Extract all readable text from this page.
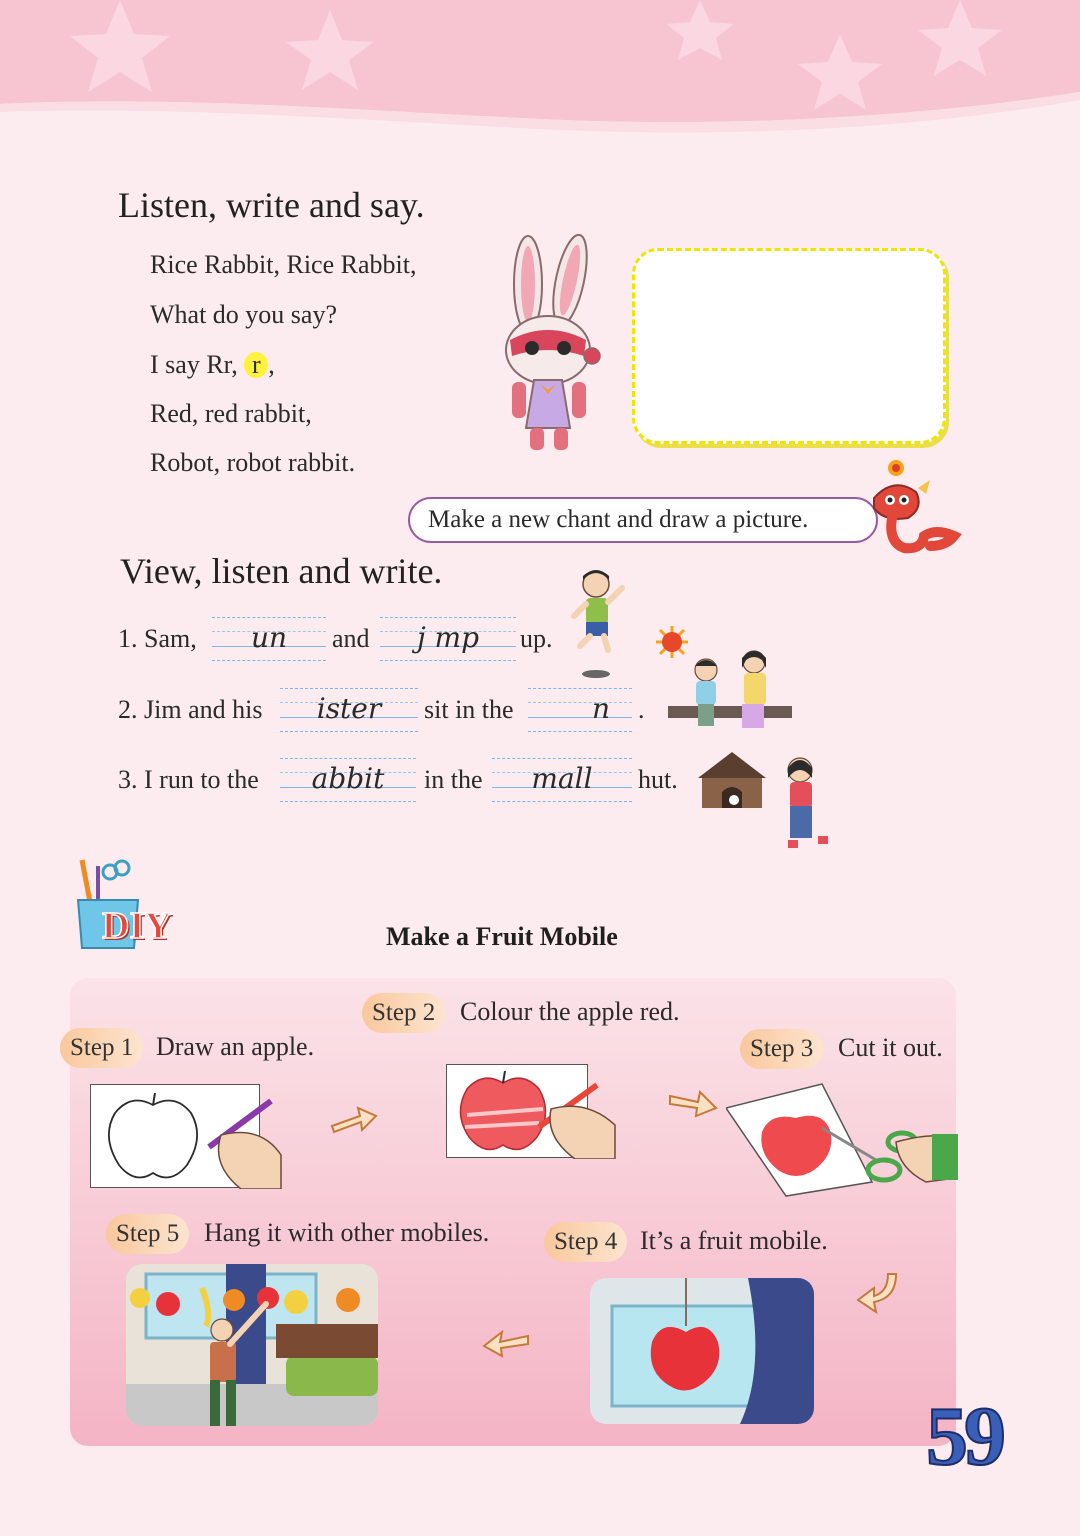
Listen, write and say.
Rice Rabbit, Rice Rabbit,
What do you say?
I say Rr, r ,
Red, red rabbit,
Robot, robot rabbit.
Make a new chant and draw a picture.
View, listen and write.
1. Sam,	un	and	j mp	up.
2. Jim and his	ister	sit in the	n	.
3. I run to the	abbit	in the	mall	hut.
DIY	Make a Fruit Mobile
Step 1 Draw an apple.
Step 2 Colour the apple red.
Step 3 Cut it out.
Step 4 It’s a fruit mobile.
Step 5 Hang it with other mobiles.
59
